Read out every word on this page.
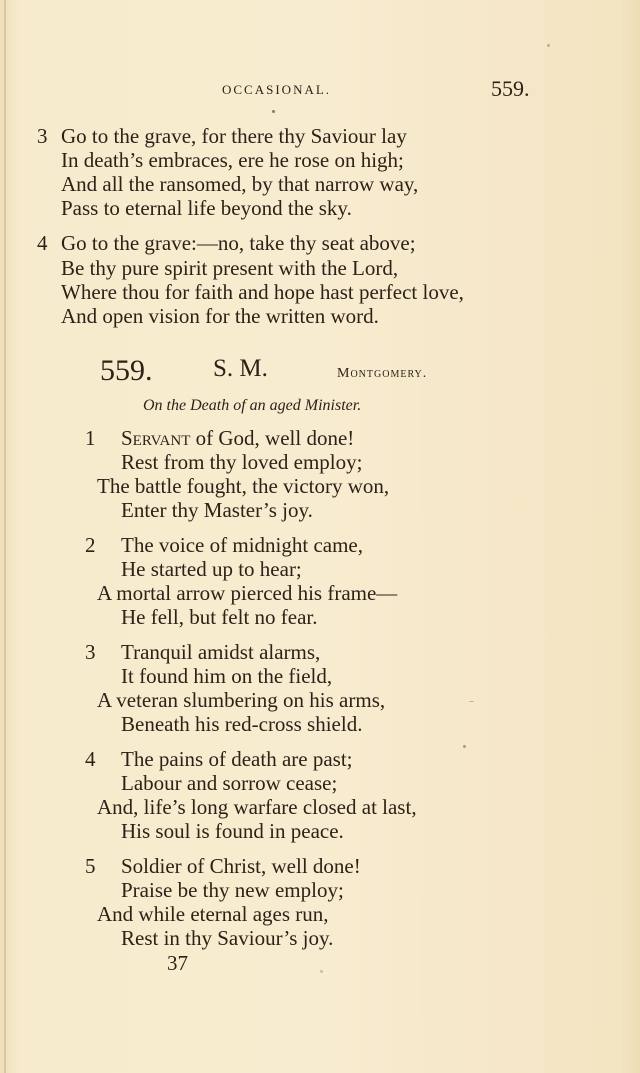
OCCASIONAL.	559.
3 Go to the grave, for there thy Saviour lay
In death’s embraces, ere he rose on high;
And all the ransomed, by that narrow way,
Pass to eternal life beyond the sky.
4 Go to the grave:—no, take thy seat above;
Be thy pure spirit present with the Lord,
Where thou for faith and hope hast perfect love,
And open vision for the written word.
559. S. M.	Montgomery.
On the Death of an aged Minister.
1 Servant of God, well done!
Rest from thy loved employ;
The battle fought, the victory won,
Enter thy Master’s joy.
2 The voice of midnight came,
He started up to hear;
A mortal arrow pierced his frame—
He fell, but felt no fear.
3 Tranquil amidst alarms,
It found him on the field,
A veteran slumbering on his arms,
Beneath his red-cross shield.
4 The pains of death are past;
Labour and sorrow cease;
And, life’s long warfare closed at last,
His soul is found in peace.
5 Soldier of Christ, well done!
Praise be thy new employ;
And while eternal ages run,
Rest in thy Saviour’s joy.
37
